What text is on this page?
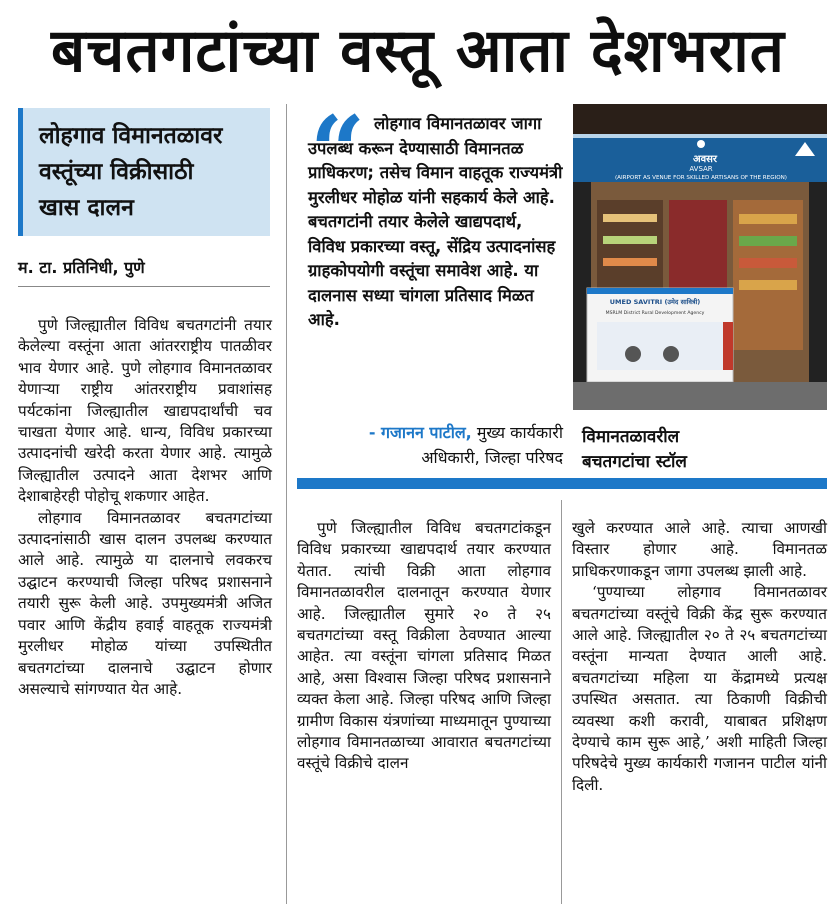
बचतगटांच्या वस्तू आता देशभरात
लोहगाव विमानतळावर
वस्तूंच्या विक्रीसाठी
खास दालन
म. टा. प्रतिनिधी, पुणे

पुणे जिल्ह्यातील विविध बचतगटांनी तयार केलेल्या वस्तूंना आता आंतरराष्ट्रीय पातळीवर भाव येणार आहे. पुणे लोहगाव विमानतळावर येणाऱ्या राष्ट्रीय आंतरराष्ट्रीय प्रवाशांसह पर्यटकांना जिल्ह्यातील खाद्यपदार्थांची चव चाखता येणार आहे. धान्य, विविध प्रकारच्या उत्पादनांची खरेदी करता येणार आहे. त्यामुळे जिल्ह्यातील उत्पादने आता देशभर आणि देशाबाहेरही पोहोचू शकणार आहेत.

लोहगाव विमानतळावर बचतगटांच्या उत्पादनांसाठी खास दालन उपलब्ध करण्यात आले आहे. त्यामुळे या दालनाचे लवकरच उद्घाटन करण्याची जिल्हा परिषद प्रशासनाने तयारी सुरू केली आहे. उपमुख्यमंत्री अजित पवार आणि केंद्रीय हवाई वाहतूक राज्यमंत्री मुरलीधर मोहोळ यांच्या उपस्थितीत बचतगटांच्या दालनाचे उद्घाटन होणार असल्याचे सांगण्यात येत आहे.

“ लोहगाव विमानतळावर जागा उपलब्ध करून देण्यासाठी विमानतळ प्राधिकरण; तसेच विमान वाहतूक राज्यमंत्री मुरलीधर मोहोळ यांनी सहकार्य केले आहे. बचतगटांनी तयार केलेले खाद्यपदार्थ, विविध प्रकारच्या वस्तू, सेंद्रिय उत्पादनांसह ग्राहकोपयोगी वस्तूंचा समावेश आहे. या दालनास सध्या चांगला प्रतिसाद मिळत आहे.
- गजानन पाटील, मुख्य कार्यकारी
अधिकारी, जिल्हा परिषद
अवसर
AVSAR
(AIRPORT AS VENUE FOR SKILLED ARTISANS OF THE REGION)
UMED SAVITRI (उमेद सावित्री)
MSRLM District Rural Development Agency
विमानतळावरील
बचतगटांचा स्टॉल

पुणे जिल्ह्यातील विविध बचतगटांकडून विविध प्रकारच्या खाद्यपदार्थ तयार करण्यात येतात. त्यांची विक्री आता लोहगाव विमानतळावरील दालनातून करण्यात येणार आहे. जिल्ह्यातील सुमारे २० ते २५ बचतगटांच्या वस्तू विक्रीला ठेवण्यात आल्या आहेत. त्या वस्तूंना चांगला प्रतिसाद मिळत आहे, असा विश्वास जिल्हा परिषद प्रशासनाने व्यक्त केला आहे. जिल्हा परिषद आणि जिल्हा ग्रामीण विकास यंत्रणांच्या माध्यमातून पुण्याच्या लोहगाव विमानतळाच्या आवारात बचतगटांच्या वस्तूंचे विक्रीचे दालन

खुले करण्यात आले आहे. त्याचा आणखी विस्तार होणार आहे. विमानतळ प्राधिकरणाकडून जागा उपलब्ध झाली आहे.

‘पुण्याच्या लोहगाव विमानतळावर बचतगटांच्या वस्तूंचे विक्री केंद्र सुरू करण्यात आले आहे. जिल्ह्यातील २० ते २५ बचतगटांच्या वस्तूंना मान्यता देण्यात आली आहे. बचतगटांच्या महिला या केंद्रामध्ये प्रत्यक्ष उपस्थित असतात. त्या ठिकाणी विक्रीची व्यवस्था कशी करावी, याबाबत प्रशिक्षण देण्याचे काम सुरू आहे,’ अशी माहिती जिल्हा परिषदेचे मुख्य कार्यकारी गजानन पाटील यांनी दिली.
